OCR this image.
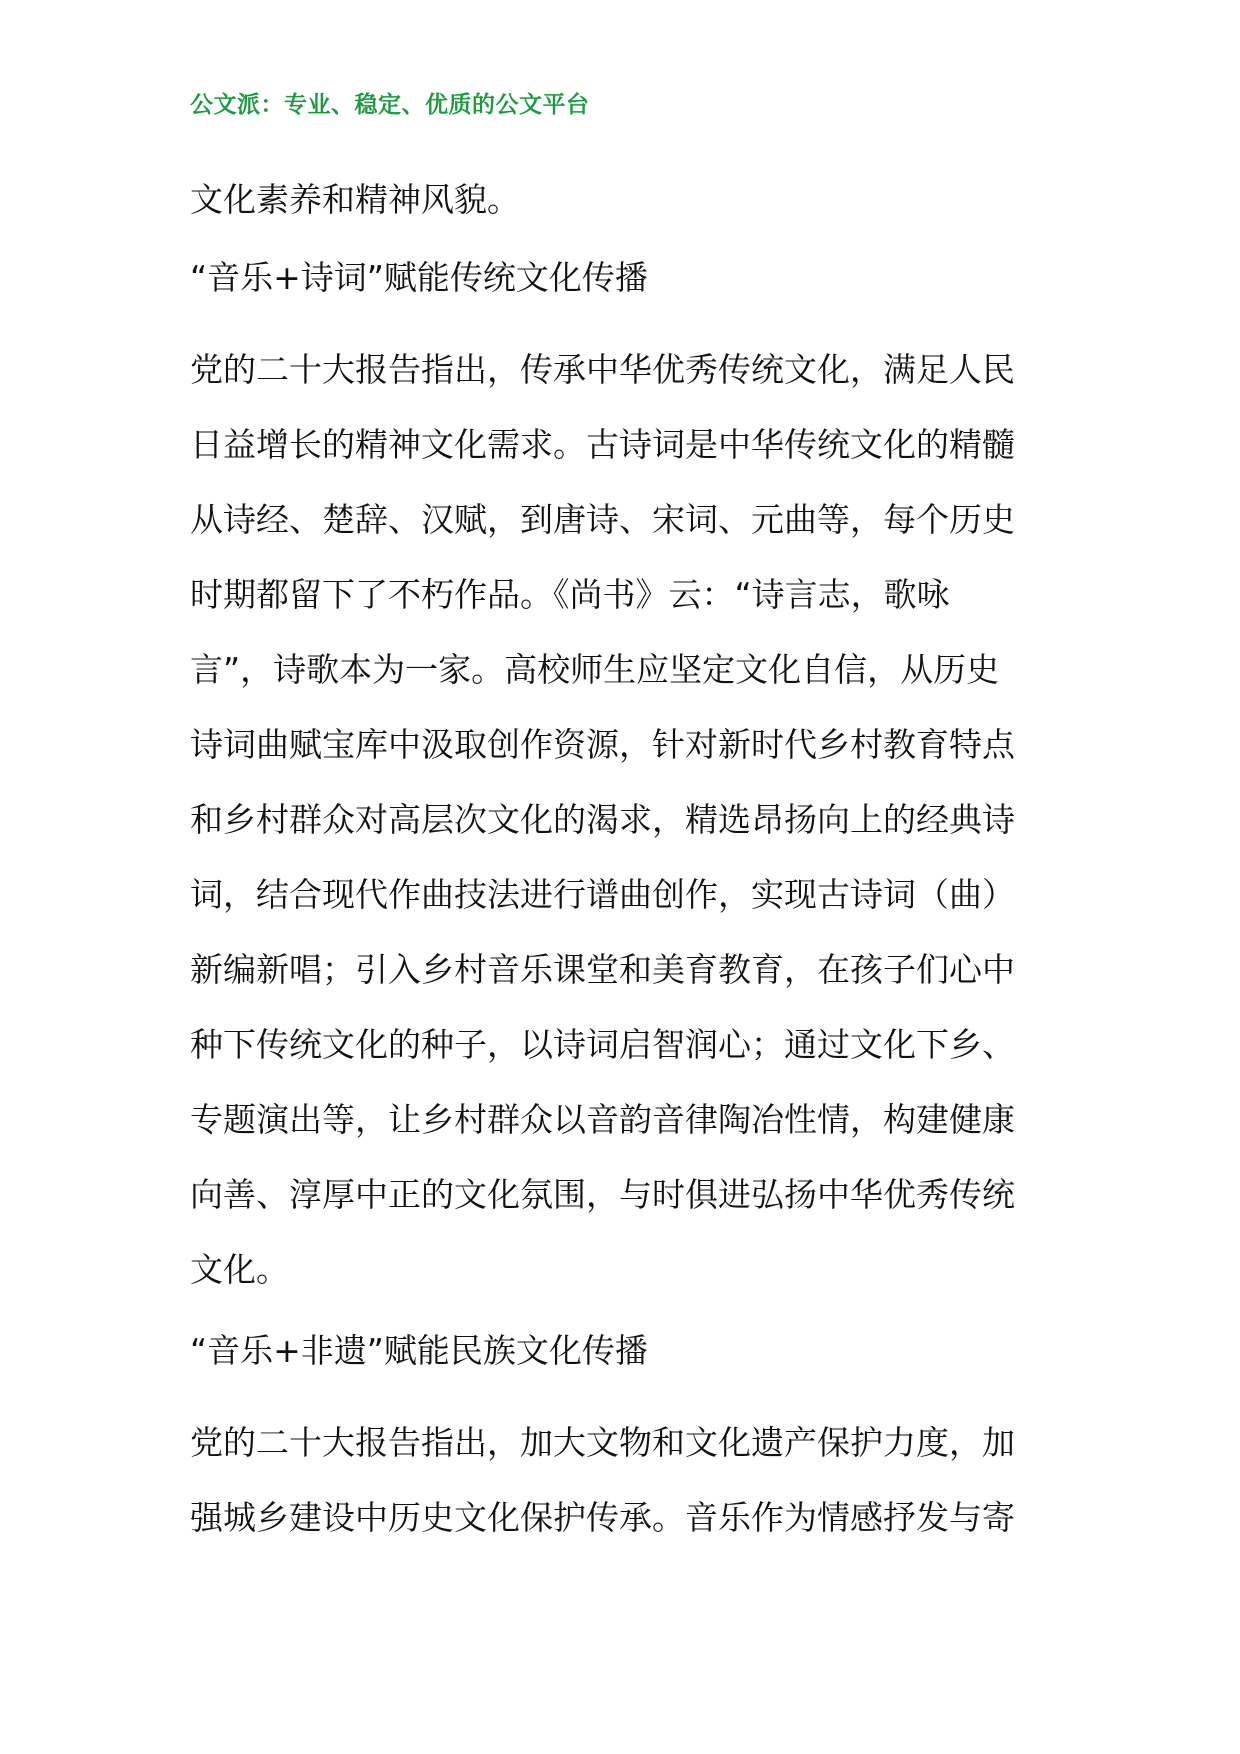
公文派：专业、稳定、优质的公文平台

文化素养和精神风貌。

“音乐+诗词”赋能传统文化传播

党的二十大报告指出，传承中华优秀传统文化，满足人民
日益增长的精神文化需求。古诗词是中华传统文化的精髓
从诗经、楚辞、汉赋，到唐诗、宋词、元曲等，每个历史
时期都留下了不朽作品。《尚书》云：“诗言志，歌咏
言”，诗歌本为一家。高校师生应坚定文化自信，从历史
诗词曲赋宝库中汲取创作资源，针对新时代乡村教育特点
和乡村群众对高层次文化的渴求，精选昂扬向上的经典诗
词，结合现代作曲技法进行谱曲创作，实现古诗词（曲）
新编新唱；引入乡村音乐课堂和美育教育，在孩子们心中
种下传统文化的种子，以诗词启智润心；通过文化下乡、
专题演出等，让乡村群众以音韵音律陶冶性情，构建健康
向善、淳厚中正的文化氛围，与时俱进弘扬中华优秀传统
文化。

“音乐+非遗”赋能民族文化传播

党的二十大报告指出，加大文物和文化遗产保护力度，加
强城乡建设中历史文化保护传承。音乐作为情感抒发与寄
